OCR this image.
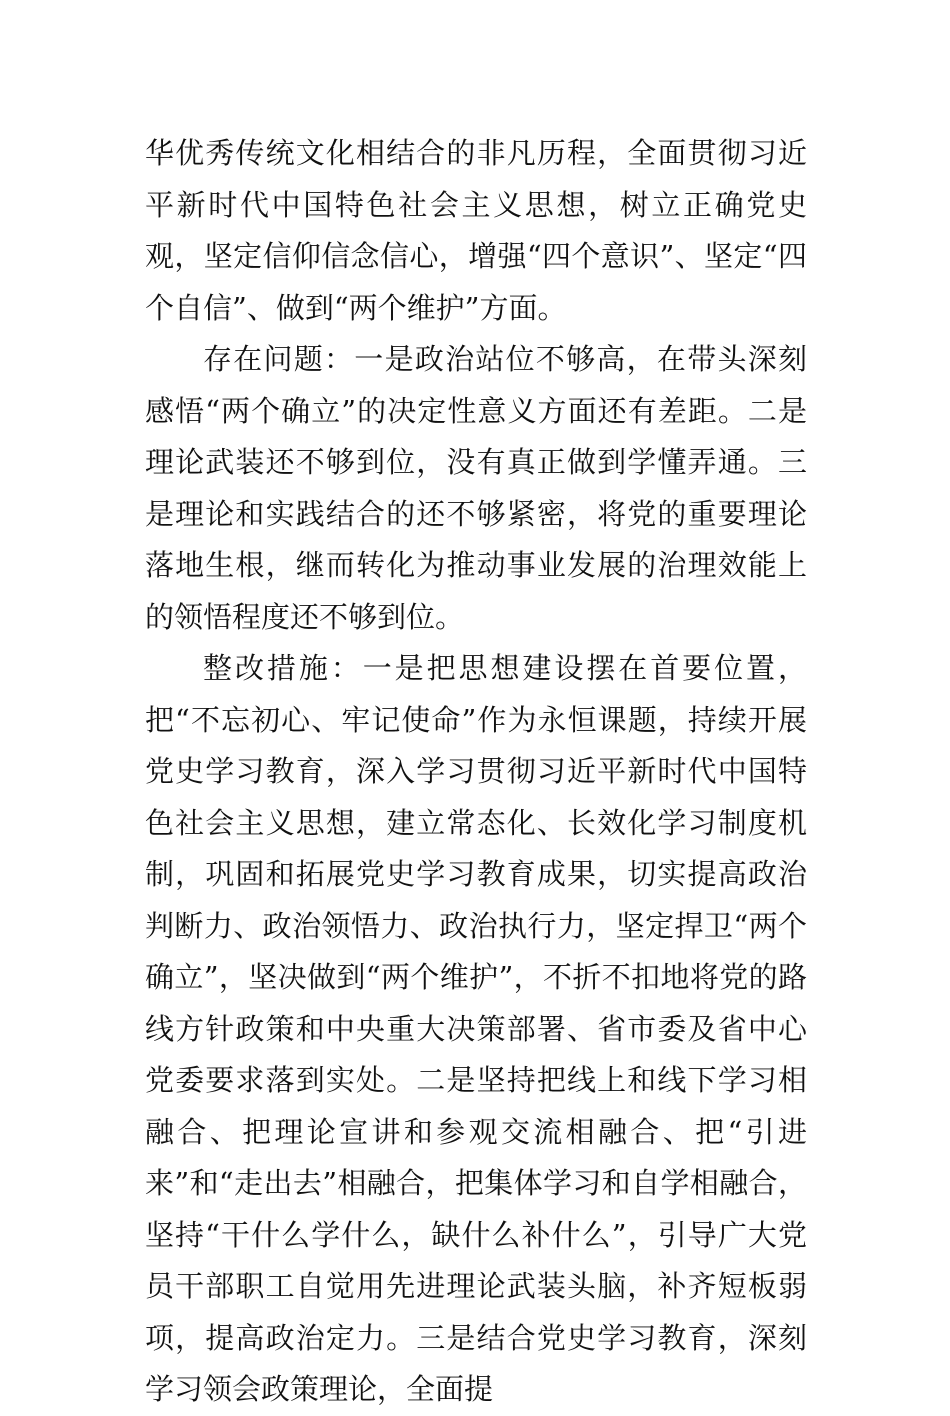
华优秀传统文化相结合的非凡历程，全面贯彻习近平新时代中国特色社会主义思想，树立正确党史观，坚定信仰信念信心，增强“四个意识”、坚定“四个自信”、做到“两个维护”方面。

存在问题：一是政治站位不够高，在带头深刻感悟“两个确立”的决定性意义方面还有差距。二是理论武装还不够到位，没有真正做到学懂弄通。三是理论和实践结合的还不够紧密，将党的重要理论落地生根，继而转化为推动事业发展的治理效能上的领悟程度还不够到位。

整改措施：一是把思想建设摆在首要位置，把“不忘初心、牢记使命”作为永恒课题，持续开展党史学习教育，深入学习贯彻习近平新时代中国特色社会主义思想，建立常态化、长效化学习制度机制，巩固和拓展党史学习教育成果，切实提高政治判断力、政治领悟力、政治执行力，坚定捍卫“两个确立”，坚决做到“两个维护”，不折不扣地将党的路线方针政策和中央重大决策部署、省市委及省中心党委要求落到实处。二是坚持把线上和线下学习相融合、把理论宣讲和参观交流相融合、把“引进来”和“走出去”相融合，把集体学习和自学相融合，坚持“干什么学什么，缺什么补什么”，引导广大党员干部职工自觉用先进理论武装头脑，补齐短板弱项，提高政治定力。三是结合党史学习教育，深刻学习领会政策理论，全面提
